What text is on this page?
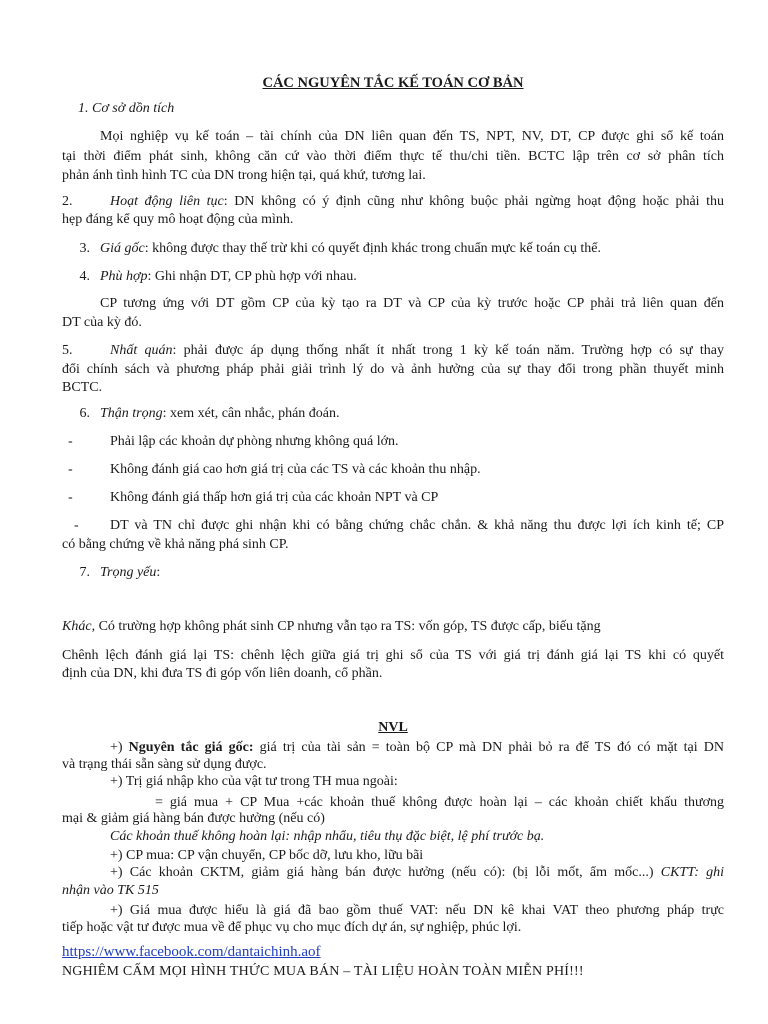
CÁC NGUYÊN TẮC KẾ TOÁN CƠ BẢN
1. Cơ sở dồn tích
Mọi nghiệp vụ kế toán – tài chính của DN liên quan đến TS, NPT, NV, DT, CP được ghi sổ kế toán
tại thời điểm phát sinh, không căn cứ vào thời điểm thực tế thu/chi tiền. BCTC lập trên cơ sở phân tích
phản ánh tình hình TC của DN trong hiện tại, quá khứ, tương lai.
2.	Hoạt động liên tục: DN không có ý định cũng như không buộc phải ngừng hoạt động hoặc phải thu
hẹp đáng kể quy mô hoạt động của mình.
3. Giá gốc: không được thay thế trừ khi có quyết định khác trong chuẩn mực kế toán cụ thể.
4. Phù hợp: Ghi nhận DT, CP phù hợp với nhau.
CP tương ứng với DT gồm CP của kỳ tạo ra DT và CP của kỳ trước hoặc CP phải trả liên quan đến
DT của kỳ đó.
5.	Nhất quán: phải được áp dụng thống nhất ít nhất trong 1 kỳ kế toán năm. Trường hợp có sự thay
đổi chính sách và phương pháp phải giải trình lý do và ảnh hưởng của sự thay đổi trong phần thuyết minh
BCTC.
6. Thận trọng: xem xét, cân nhắc, phán đoán.
-	Phải lập các khoản dự phòng nhưng không quá lớn.
-	Không đánh giá cao hơn giá trị của các TS và các khoản thu nhập.
-	Không đánh giá thấp hơn giá trị của các khoản NPT và CP
-	DT và TN chỉ được ghi nhận khi có bằng chứng chắc chắn. & khả năng thu được lợi ích kinh tế; CP
có bằng chứng về khả năng phá sinh CP.
7. Trọng yếu:
Khác, Có trường hợp không phát sinh CP nhưng vẫn tạo ra TS: vốn góp, TS được cấp, biếu tặng
Chênh lệch đánh giá lại TS: chênh lệch giữa giá trị ghi sổ của TS với giá trị đánh giá lại TS khi có quyết
định của DN, khi đưa TS đi góp vốn liên doanh, cổ phần.
NVL
+) Nguyên tắc giá gốc: giá trị của tài sản = toàn bộ CP mà DN phải bỏ ra để TS đó có mặt tại DN
và trạng thái sẵn sàng sử dụng được.
+) Trị giá nhập kho của vật tư trong TH mua ngoài:
= giá mua + CP Mua +các khoản thuế không được hoàn lại – các khoản chiết khấu thương
mại & giảm giá hàng bán được hưởng (nếu có)
Các khoản thuế không hoàn lại: nhập nhẩu, tiêu thụ đặc biệt, lệ phí trước bạ.
+) CP mua: CP vận chuyển, CP bốc dỡ, lưu kho, lữu bãi
+) Các khoản CKTM, giảm giá hàng bán được hưởng (nếu có): (bị lỗi mốt, ẩm mốc...) CKTT: ghi
nhận vào TK 515
+) Giá mua được hiểu là giá đã bao gồm thuế VAT: nếu DN kê khai VAT theo phương pháp trực
tiếp hoặc vật tư được mua về để phục vụ cho mục đích dự án, sự nghiệp, phúc lợi.
https://www.facebook.com/dantaichinh.aof
NGHIÊM CẤM MỌI HÌNH THỨC MUA BÁN – TÀI LIỆU HOÀN TOÀN MIỄN PHÍ!!!
